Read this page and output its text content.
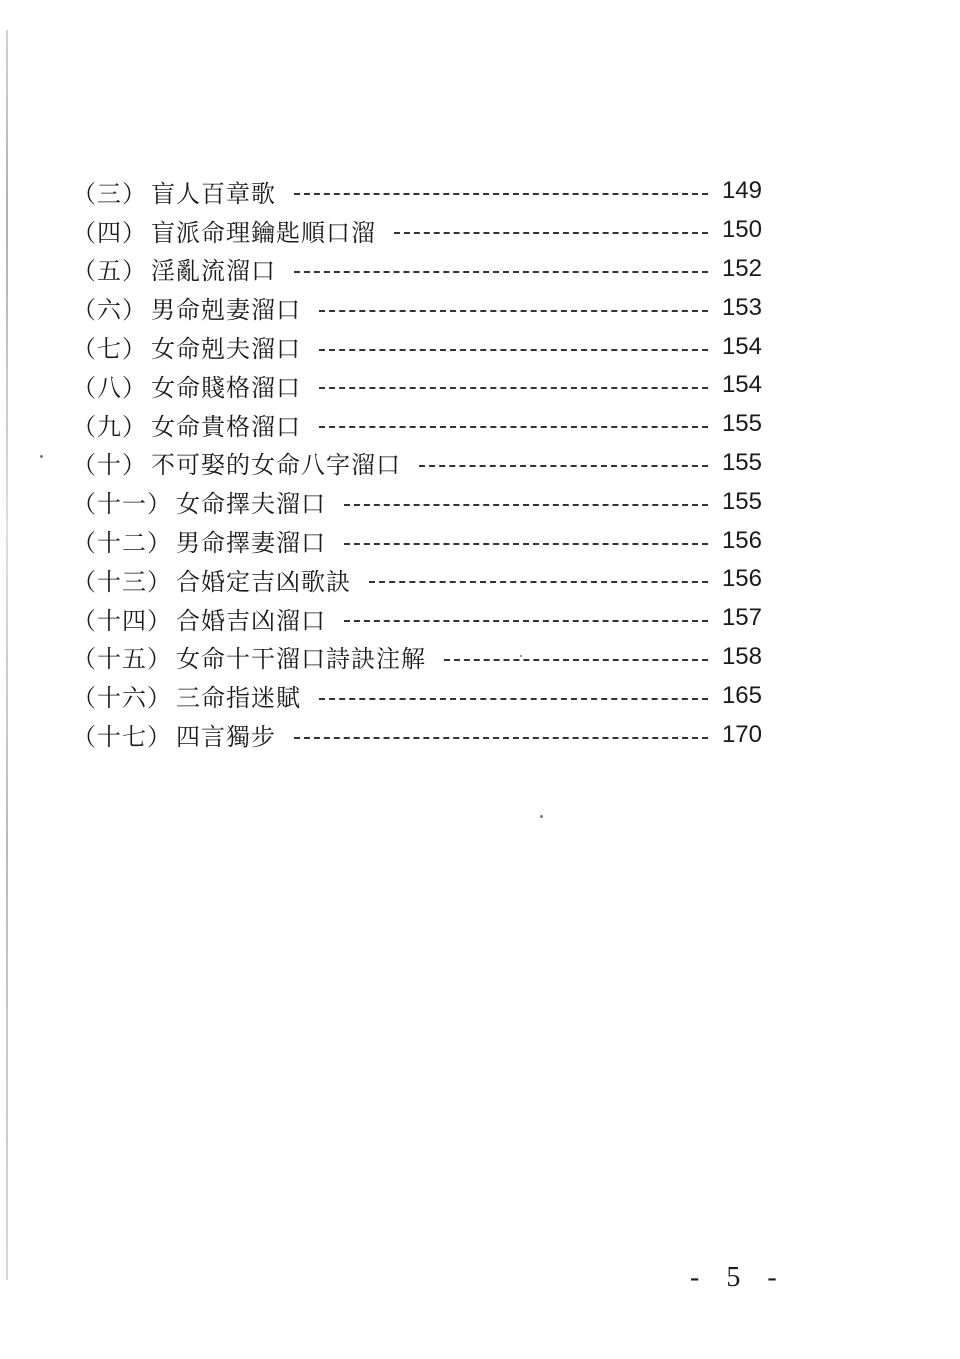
（三） 盲人百章歌	149
（四） 盲派命理鑰匙順口溜	150
（五） 淫亂流溜口	152
（六） 男命剋妻溜口	153
（七） 女命剋夫溜口	154
（八） 女命賤格溜口	154
（九） 女命貴格溜口	155
（十） 不可娶的女命八字溜口	155
（十一） 女命擇夫溜口	155
（十二） 男命擇妻溜口	156
（十三） 合婚定吉凶歌訣	156
（十四） 合婚吉凶溜口	157
（十五） 女命十干溜口詩訣注解	158
（十六） 三命指迷賦	165
（十七） 四言獨步	170
- 5 -
